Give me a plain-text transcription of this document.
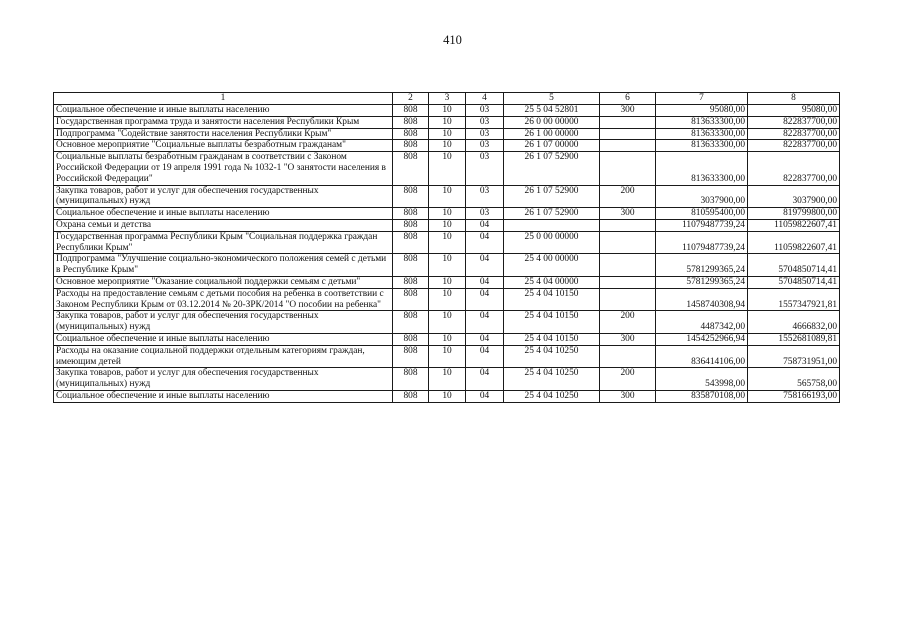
410
1	2	3	4	5	6	7	8
Социальное обеспечение и иные выплаты населению	808	10	03	25 5 04 52801	300	95080,00	95080,00
Государственная программа труда и занятости населения Республики Крым	808	10	03	26 0 00 00000		813633300,00	822837700,00
Подпрограмма "Содействие занятости населения Республики Крым"	808	10	03	26 1 00 00000		813633300,00	822837700,00
Основное мероприятие "Социальные выплаты безработным гражданам"	808	10	03	26 1 07 00000		813633300,00	822837700,00
Социальные выплаты безработным гражданам в соответствии с Законом Российской Федерации от 19 апреля 1991 года № 1032-1 "О занятости населения в Российской Федерации"	808	10	03	26 1 07 52900		813633300,00	822837700,00
Закупка товаров, работ и услуг для обеспечения государственных (муниципальных) нужд	808	10	03	26 1 07 52900	200	3037900,00	3037900,00
Социальное обеспечение и иные выплаты населению	808	10	03	26 1 07 52900	300	810595400,00	819799800,00
Охрана семьи и детства	808	10	04			11079487739,24	11059822607,41
Государственная программа Республики Крым "Социальная поддержка граждан Республики Крым"	808	10	04	25 0 00 00000		11079487739,24	11059822607,41
Подпрограмма "Улучшение социально-экономического положения семей с детьми в Республике Крым"	808	10	04	25 4 00 00000		5781299365,24	5704850714,41
Основное мероприятие "Оказание социальной поддержки семьям с детьми"	808	10	04	25 4 04 00000		5781299365,24	5704850714,41
Расходы на предоставление семьям с детьми пособия на ребенка в соответствии с Законом Республики Крым от 03.12.2014 № 20-ЗРК/2014 "О пособии на ребенка"	808	10	04	25 4 04 10150		1458740308,94	1557347921,81
Закупка товаров, работ и услуг для обеспечения государственных (муниципальных) нужд	808	10	04	25 4 04 10150	200	4487342,00	4666832,00
Социальное обеспечение и иные выплаты населению	808	10	04	25 4 04 10150	300	1454252966,94	1552681089,81
Расходы на оказание социальной поддержки отдельным категориям граждан, имеющим детей	808	10	04	25 4 04 10250		836414106,00	758731951,00
Закупка товаров, работ и услуг для обеспечения государственных (муниципальных) нужд	808	10	04	25 4 04 10250	200	543998,00	565758,00
Социальное обеспечение и иные выплаты населению	808	10	04	25 4 04 10250	300	835870108,00	758166193,00
